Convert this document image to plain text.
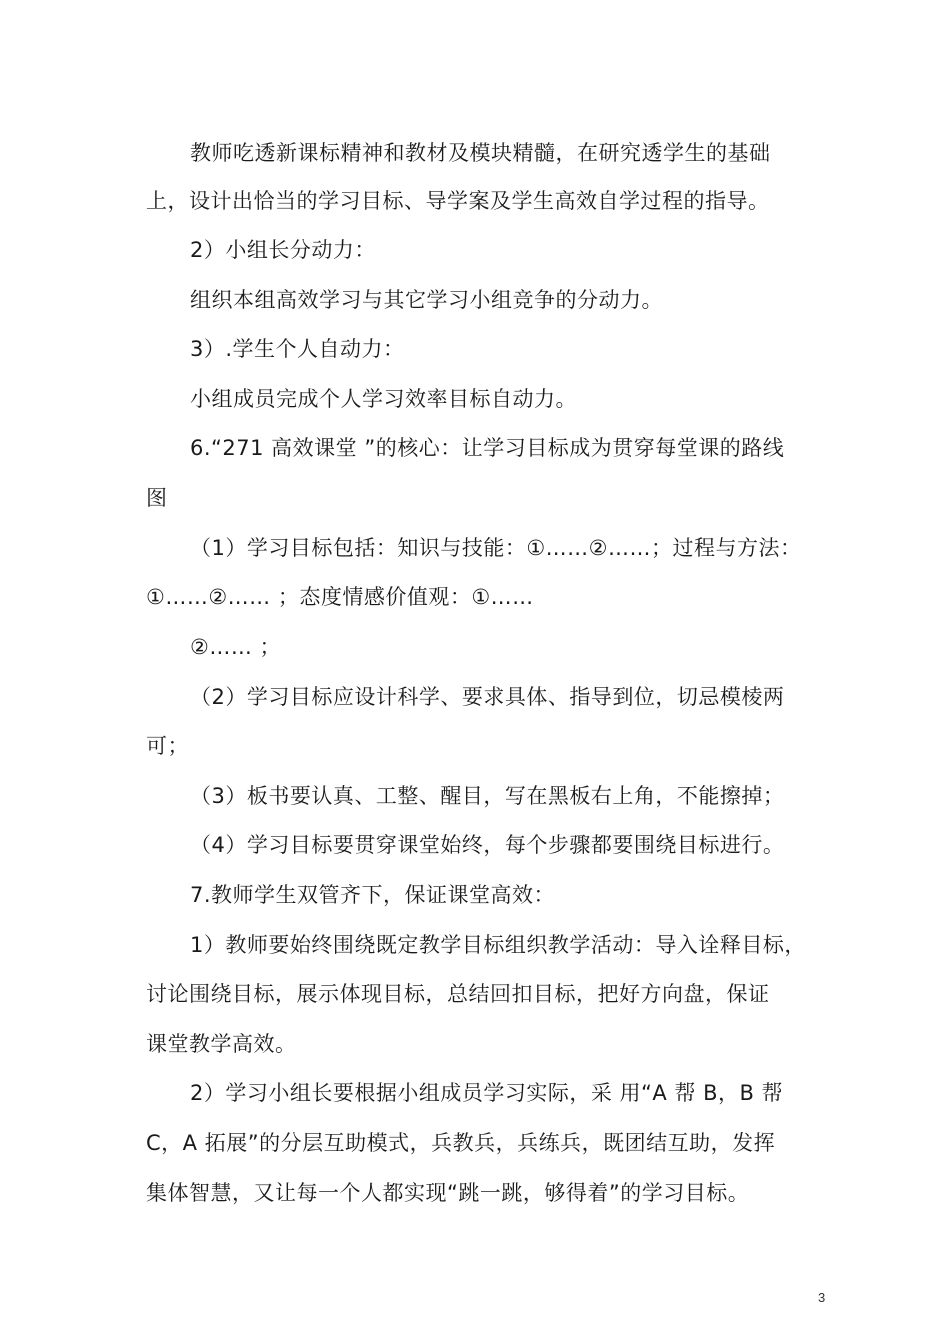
教师吃透新课标精神和教材及模块精髓，在研究透学生的基础
上，设计出恰当的学习目标、导学案及学生高效自学过程的指导。
2）小组长分动力：
组织本组高效学习与其它学习小组竞争的分动力。
3）.学生个人自动力：
小组成员完成个人学习效率目标自动力。
6.“271 高效课堂 ”的核心：让学习目标成为贯穿每堂课的路线
图
（1）学习目标包括：知识与技能：①……②……；过程与方法：
①……②…… ；态度情感价值观：①……
②…… ；
（2）学习目标应设计科学、要求具体、指导到位，切忌模棱两
可；
（3）板书要认真、工整、醒目，写在黑板右上角，不能擦掉；
（4）学习目标要贯穿课堂始终，每个步骤都要围绕目标进行。
7.教师学生双管齐下，保证课堂高效：
1）教师要始终围绕既定教学目标组织教学活动：导入诠释目标，
讨论围绕目标，展示体现目标，总结回扣目标，把好方向盘，保证
课堂教学高效。
2）学习小组长要根据小组成员学习实际，采 用“A 帮 B，B 帮
C，A 拓展”的分层互助模式，兵教兵，兵练兵，既团结互助，发挥
集体智慧，又让每一个人都实现“跳一跳，够得着”的学习目标。
3
